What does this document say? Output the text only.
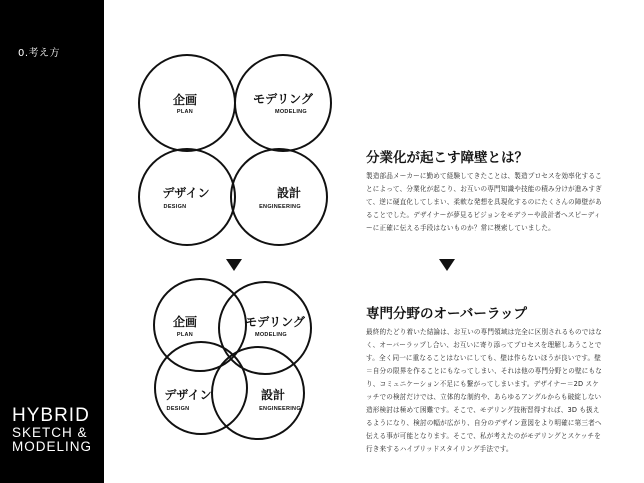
0.考え方
HYBRID
SKETCH &
MODELING
企画
PLAN
モデリング
MODELING
デザイン
DESIGN
設計
ENGINEERING
企画
PLAN
モデリング
MODELING
デザイン
DESIGN
設計
ENGINEERING
分業化が起こす障壁とは？

製造部品メーカーに勤めて経験してきたことは、製造プロセスを効率化することによって、分業化が起こり、お互いの専門知識や技能の積み分けが進みすぎて、逆に硬直化してしまい、柔軟な発想を具現化するのにたくさんの障壁があることでした。デザイナーが夢見るビジョンをモデラーや設計者へスピーディーに正確に伝える手段はないものか？常に模索していました。

専門分野のオーバーラップ

最終的たどり着いた結論は、お互いの専門領域は完全に区別されるものではなく、オーバーラップし合い、お互いに寄り添ってプロセスを理解しあうことです。全く同一に重なることはないにしても、壁は作らないほうが良いです。壁＝自分の限界を作ることにもなってしまい、それは他の専門分野との壁にもなり、コミュニケーション不足にも繋がってしまいます。デザイナー＝2D スケッチでの検討だけでは、立体的な制約や、あらゆるアングルからも破綻しない造形検討は極めて困難です。そこで、モデリング技術習得すれば、3D も扱えるようになり、検討の幅が広がり、自分のデザイン意図をより明確に第三者へ伝える事が可能となります。そこで、私が考えたのがモデリングとスケッチを行き来するハイブリッドスタイリング手法です。
